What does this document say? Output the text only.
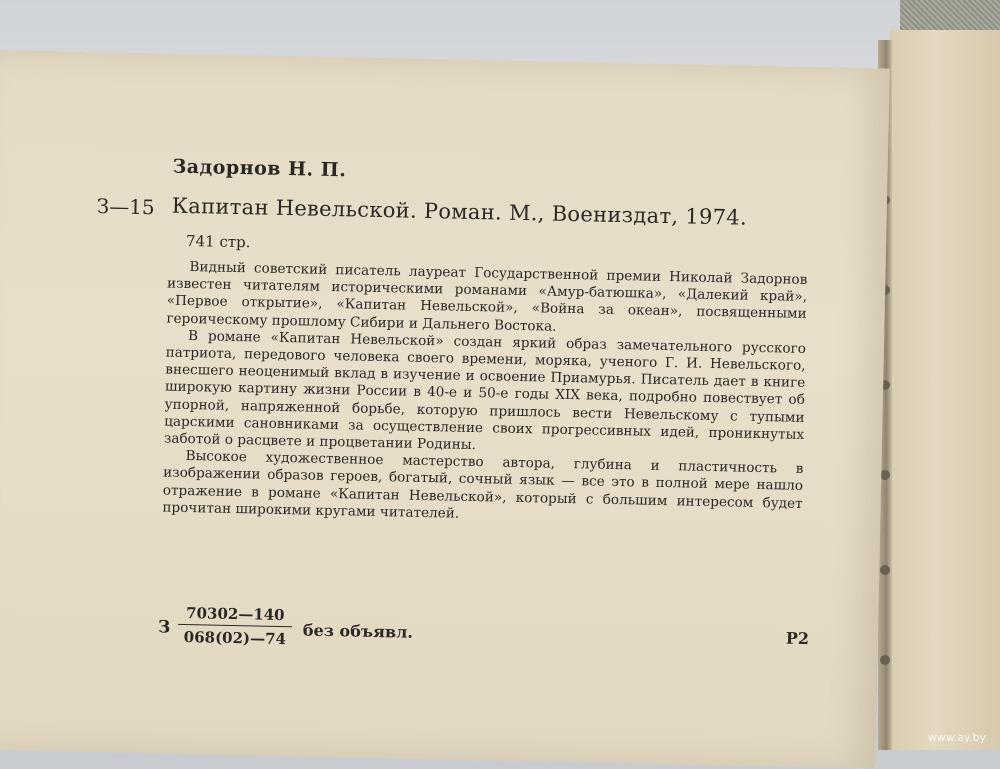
Задорнов Н. П.
З—15 Капитан Невельской. Роман. М., Воениздат, 1974.
741 стр.

Видный советский писатель лауреат Государственной премии Николай Задорнов известен читателям историческими романами «Амур-батюшка», «Далекий край», «Первое открытие», «Капитан Невельской», «Война за океан», посвященными героическому прошлому Сибири и Дальнего Востока.

В романе «Капитан Невельской» создан яркий образ замечательного русского патриота, передового человека своего времени, моряка, ученого Г. И. Невельского, внесшего неоценимый вклад в изучение и освоение Приамурья. Писатель дает в книге широкую картину жизни России в 40-е и 50-е годы XIX века, подробно повествует об упорной, напряженной борьбе, которую пришлось вести Невельскому с тупыми царскими сановниками за осуществление своих прогрессивных идей, проникнутых заботой о расцвете и процветании Родины.

Высокое художественное мастерство автора, глубина и пластичность в изображении образов героев, богатый, сочный язык — все это в полной мере нашло отражение в романе «Капитан Невельской», который с большим интересом будет прочитан широкими кругами читателей.

З $\frac{70302—140}{068(02)—74}$ без объявл.	Р2
www.ay.by
